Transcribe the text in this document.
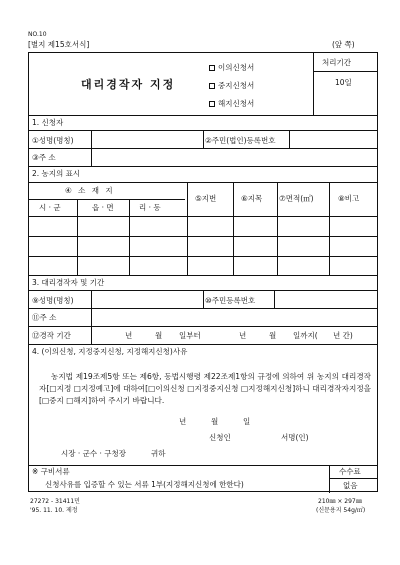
NO.10
[별지 제15호서식]	(앞 쪽)
대리경작자 지정
이의신청서
중지신청서
해지신청서
처리기간
10일
1. 신청자
①성명(명칭)	②주민(법인)등록번호
③주 소
2. 농지의 표시
④ 소 재 지
시 · 군	읍 · 면	리 · 동
⑤지번	⑥지목 ⑦면적(㎡)	⑧비고
3. 대리경작자 및 기간
⑨성명(명칭)	⑩주민등록번호
⑪주 소
⑫경작 기간	년	월 일부터	년	월 일까지( 년 간)
4. (이의신청, 지정중지신청, 지정해지신청)사유
농지법 제19조제5항 또는 제6항, 동법시행령 제22조제1항의 규정에 의하여 위 농지의 대리경작자[□지정 □지정예고]에 대하여[□이의신청 □지정중지신청 □지정해지신청]하니 대리경작자지정을[□중지 □해지]하여 주시기 바랍니다.
년	월	일
신청인	서명(인)
시장 · 군수 · 구청장	귀하
※ 구비서류
신청사유를 입증할 수 있는 서류 1부(지정해지신청에 한한다)
수수료
없음
27272 - 31411민
'95. 11. 10. 제정
210㎜ × 297㎜
(신문용지 54g/㎡)
